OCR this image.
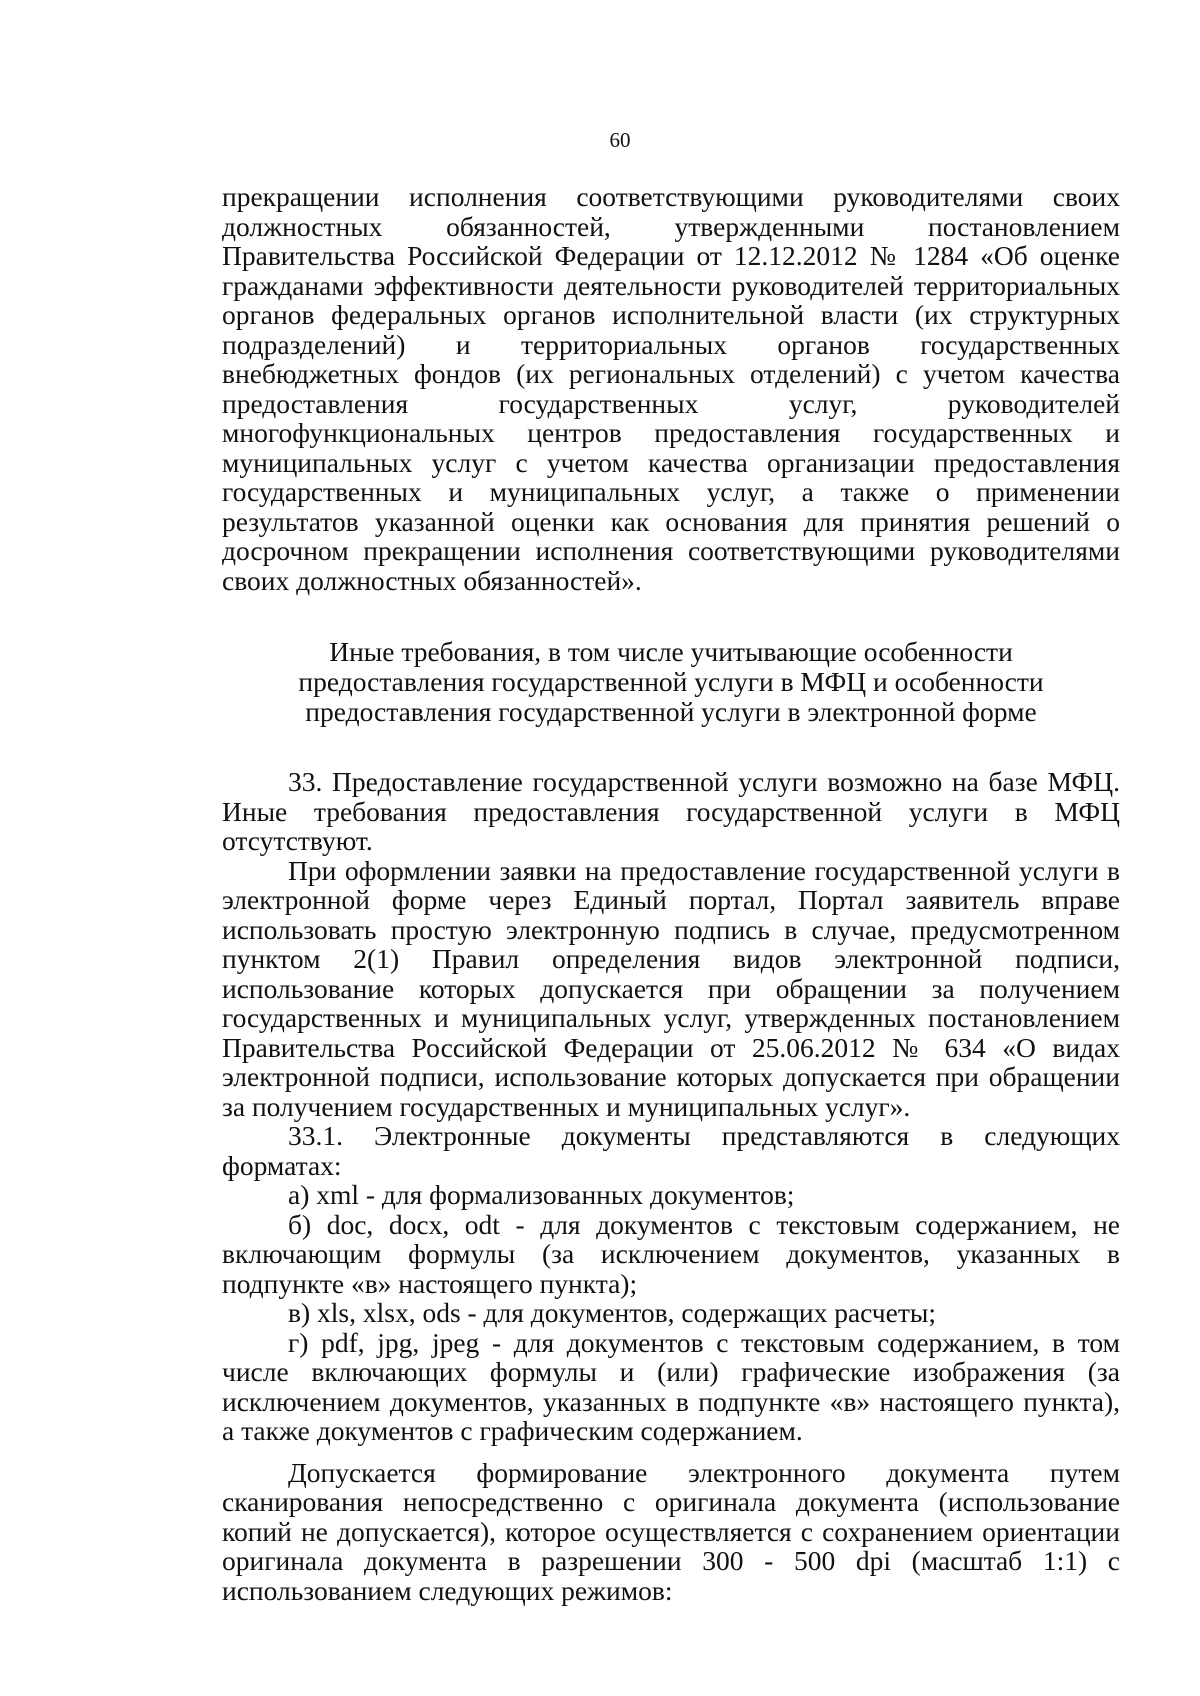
60

прекращении исполнения соответствующими руководителями своих должностных обязанностей, утвержденными постановлением Правительства Российской Федерации от 12.12.2012 № 1284 «Об оценке гражданами эффективности деятельности руководителей территориальных органов федеральных органов исполнительной власти (их структурных подразделений) и территориальных органов государственных внебюджетных фондов (их региональных отделений) с учетом качества предоставления государственных услуг, руководителей многофункциональных центров предоставления государственных и муниципальных услуг с учетом качества организации предоставления государственных и муниципальных услуг, а также о применении результатов указанной оценки как основания для принятия решений о досрочном прекращении исполнения соответствующими руководителями своих должностных обязанностей».

Иные требования, в том числе учитывающие особенности
предоставления государственной услуги в МФЦ и особенности
предоставления государственной услуги в электронной форме

33. Предоставление государственной услуги возможно на базе МФЦ. Иные требования предоставления государственной услуги в МФЦ отсутствуют.

При оформлении заявки на предоставление государственной услуги в электронной форме через Единый портал, Портал заявитель вправе использовать простую электронную подпись в случае, предусмотренном пунктом 2(1) Правил определения видов электронной подписи, использование которых допускается при обращении за получением государственных и муниципальных услуг, утвержденных постановлением Правительства Российской Федерации от 25.06.2012 № 634 «О видах электронной подписи, использование которых допускается при обращении за получением государственных и муниципальных услуг».

33.1. Электронные документы представляются в следующих форматах:

а) xml - для формализованных документов;

б) doc, docx, odt - для документов с текстовым содержанием, не включающим формулы (за исключением документов, указанных в подпункте «в» настоящего пункта);

в) xls, xlsx, ods - для документов, содержащих расчеты;

г) pdf, jpg, jpeg - для документов с текстовым содержанием, в том числе включающих формулы и (или) графические изображения (за исключением документов, указанных в подпункте «в» настоящего пункта), а также документов с графическим содержанием.

Допускается формирование электронного документа путем сканирования непосредственно с оригинала документа (использование копий не допускается), которое осуществляется с сохранением ориентации оригинала документа в разрешении 300 - 500 dpi (масштаб 1:1) с использованием следующих режимов:
